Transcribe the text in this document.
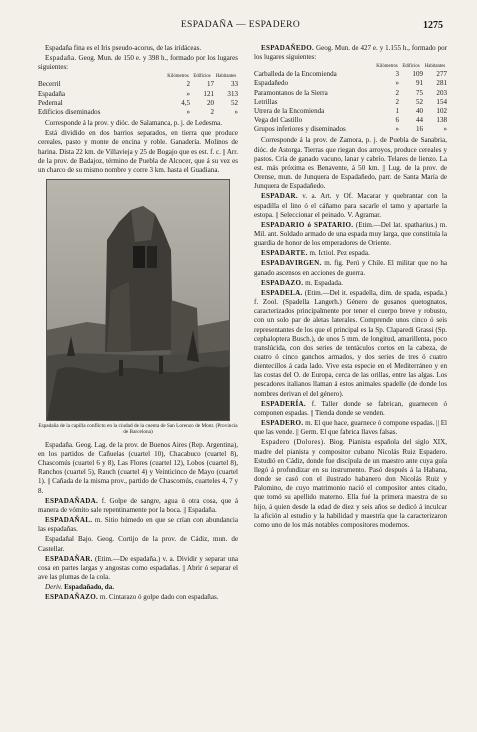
ESPADAÑA — ESPADERO	1275

Espadaña fina es el Iris pseudo-acorus, de las irídáceas.

Espadaña. Geog. Mun. de 150 e. y 398 h., formado por los lugares siguientes:

	Kilómetros	Edificios	Habitantes
Becerril	2	17	33
Espadaña	»	121	313
Pedernal	4,5	20	52
Edificios diseminados	»	2	»

Corresponde á la prov. y dióc. de Salamanca, p. j. de Ledesma.

Está dividido en dos barrios separados, en tierra que produce cereales, pasto y monte de encina y roble. Ganadería. Molinos de harina. Dista 22 km. de Villavieja y 25 de Bogajo que es est. f. c. || Arr. de la prov. de Badajoz, término de Puebla de Alcocer, que á su vez es un charco de su mismo nombre y corre 3 km. hasta el Guadiana.

Espadaña de la capilla conflicto en la ciudad de la cuenta de San Lorenzo de Mont. (Provincia de Barcelona)

Espadaña. Geog. Lag. de la prov. de Buenos Aires (Rep. Argentina), en los partidos de Cañuelas (cuartel 10), Chacabuco (cuartel 8), Chascomús (cuartel 6 y 8), Las Flores (cuartel 12), Lobos (cuartel 8), Ranchos (cuartel 5), Rauch (cuartel 4) y Veinticinco de Mayo (cuartel 1). || Cañada de la misma prov., partido de Chascomús, cuarteles 4, 7 y 8.

ESPADAÑADA. f. Golpe de sangre, agua ú otra cosa, que á manera de vómito sale repentinamente por la boca. || Espadaña.

ESPADAÑAL. m. Sitio húmedo en que se crían con abundancia las espadañas.

Espadañal Bajo. Geog. Cortijo de la prov. de Cádiz, mun. de Castellar.

ESPADAÑAR. (Etim.—De espadaña.) v. a. Dividir y separar una cosa en partes largas y angostas como espadañas. || Abrir ó separar el ave las plumas de la cola.

Deriv. Espadañado, da.

ESPADAÑAZO. m. Cintarazo ó golpe dado con espadañas.

ESPADAÑEDO. Geog. Mun. de 427 e. y 1.155 h., formado por los lugares siguientes:

	Kilómetros	Edificios	Habitantes
Carballeda de la Encomienda	3	109	277
Espadañedo	»	91	281
Paramontanos de la Sierra	2	75	203
Letrillas	2	52	154
Utrera de la Encomienda	1	40	102
Vega del Castillo	6	44	138
Grupos inferiores y diseminados	»	16	»

Corresponde á la prov. de Zamora, p. j. de Puebla de Sanabria, dióc. de Astorga. Tierras que riegan dos arroyos, produce cereales y pastos. Cría de ganado vacuno, lanar y cabrío. Telares de lienzo. La est. más próxima es Benavente, á 50 km. || Lug. de la prov. de Orense, mun. de Junquera de Espadañedo, parr. de Santa María de Junquera de Espadañedo.

ESPADAR. v. a. Art. y Of. Macarar y quebrantar con la espadilla el lino ó el cáñamo para sacarle el tamo y apartarle la estopa. || Seleccionar el peinado. V. Agramar.

ESPADARIO ó SPATARIO. (Etim.—Del lat. spatharius.) m. Mil. ant. Soldado armado de una espada muy larga, que constituía la guardia de honor de los emperadores de Oriente.

ESPADARTE. m. Ictiol. Pez espada.

ESPADAVIRGEN. m. fig. Perú y Chile. El militar que no ha ganado ascensos en acciones de guerra.

ESPADAZO. m. Espadada.

ESPADELA. (Etim.—Del it. espadella, dim. de spada, espada.) f. Zool. (Spadella Langerh.) Género de gusanos quetognatos, caracterizados principalmente por tener el cuerpo breve y robusto, con un solo par de aletas laterales. Comprende unos cinco ó seis representantes de los que el principal es la Sp. Claparedi Grassi (Sp. cephaloptera Busch.), de unos 5 mm. de longitud, amarillenta, poco translúcida, con dos series de tentáculos cortos en la cabeza, de cuatro ó cinco ganchos armados, y dos series de tres ó cuatro dientecillos á cada lado. Vive esta especie en el Mediterráneo y en las costas del O. de Europa, cerca de las orillas, entre las algas. Los pescadores italianos llaman á estos animales spadelle (de donde los nombres derivan el del género).

ESPADERÍA. f. Taller donde se fabrican, guarnecen ó componen espadas. || Tienda donde se venden.

ESPADERO. m. El que hace, guarnece ó compone espadas. || El que las vende. || Germ. El que fabrica llaves falsas.

Espadero (Dolores). Biog. Pianista española del siglo XIX, madre del pianista y compositor cubano Nicolás Ruiz Espadero. Estudió en Cádiz, donde fue discípula de un maestro ante cuya guía llegó á profundizar en su instrumento. Pasó después á la Habana, donde se casó con el ilustrado habanero don Nicolás Ruiz y Palomino, de cuyo matrimonio nació el compositor antes citado, que tomó su apellido materno. Ella fué la primera maestra de su hijo, á quien desde la edad de diez y seis años se dedicó á inculcar la afición al estudio y la habilidad y maestría que la caracterizaron como uno de los más notables compositores modernos.
